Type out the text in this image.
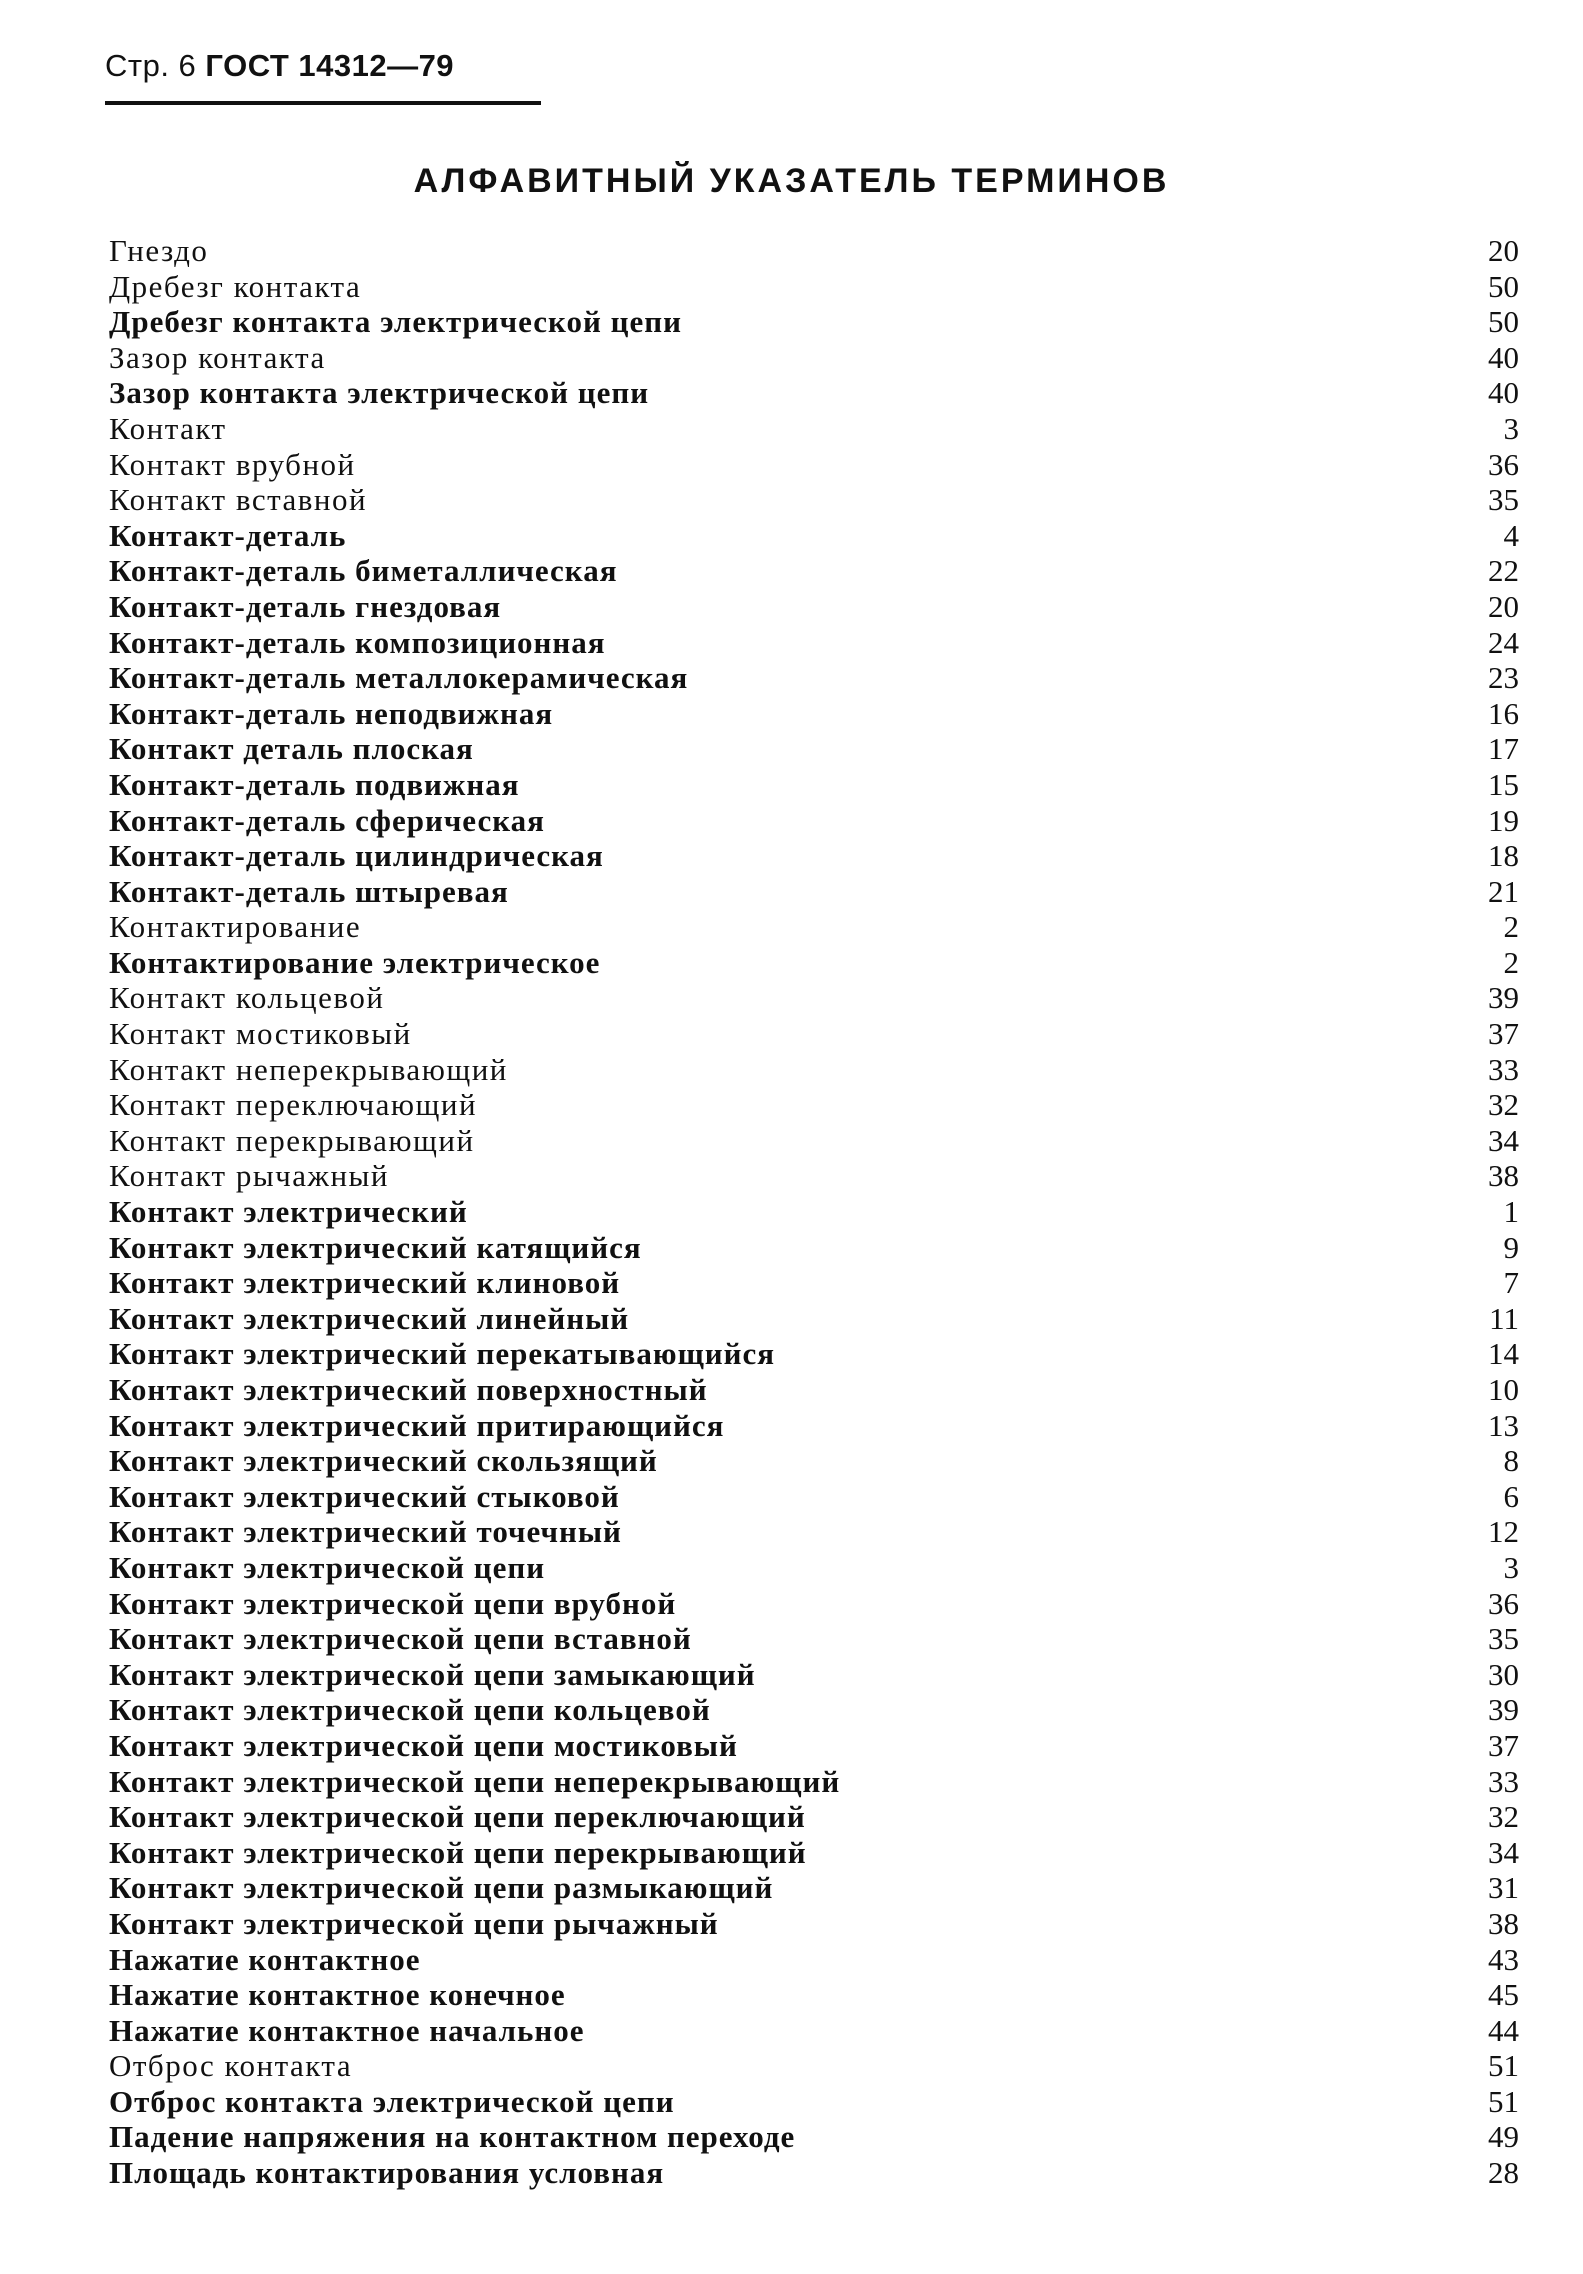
Стр. 6 ГОСТ 14312—79
АЛФАВИТНЫЙ УКАЗАТЕЛЬ ТЕРМИНОВ
Гнездо	20
Дребезг контакта	50
Дребезг контакта электрической цепи	50
Зазор контакта	40
Зазор контакта электрической цепи	40
Контакт	3
Контакт врубной	36
Контакт вставной	35
Контакт-деталь	4
Контакт-деталь биметаллическая	22
Контакт-деталь гнездовая	20
Контакт-деталь композиционная	24
Контакт-деталь металлокерамическая	23
Контакт-деталь неподвижная	16
Контакт деталь плоская	17
Контакт-деталь подвижная	15
Контакт-деталь сферическая	19
Контакт-деталь цилиндрическая	18
Контакт-деталь штыревая	21
Контактирование	2
Контактирование электрическое	2
Контакт кольцевой	39
Контакт мостиковый	37
Контакт неперекрывающий	33
Контакт переключающий	32
Контакт перекрывающий	34
Контакт рычажный	38
Контакт электрический	1
Контакт электрический катящийся	9
Контакт электрический клиновой	7
Контакт электрический линейный	11
Контакт электрический перекатывающийся	14
Контакт электрический поверхностный	10
Контакт электрический притирающийся	13
Контакт электрический скользящий	8
Контакт электрический стыковой	6
Контакт электрический точечный	12
Контакт электрической цепи	3
Контакт электрической цепи врубной	36
Контакт электрической цепи вставной	35
Контакт электрической цепи замыкающий	30
Контакт электрической цепи кольцевой	39
Контакт электрической цепи мостиковый	37
Контакт электрической цепи неперекрывающий	33
Контакт электрической цепи переключающий	32
Контакт электрической цепи перекрывающий	34
Контакт электрической цепи размыкающий	31
Контакт электрической цепи рычажный	38
Нажатие контактное	43
Нажатие контактное конечное	45
Нажатие контактное начальное	44
Отброс контакта	51
Отброс контакта электрической цепи	51
Падение напряжения на контактном переходе	49
Площадь контактирования условная	28
